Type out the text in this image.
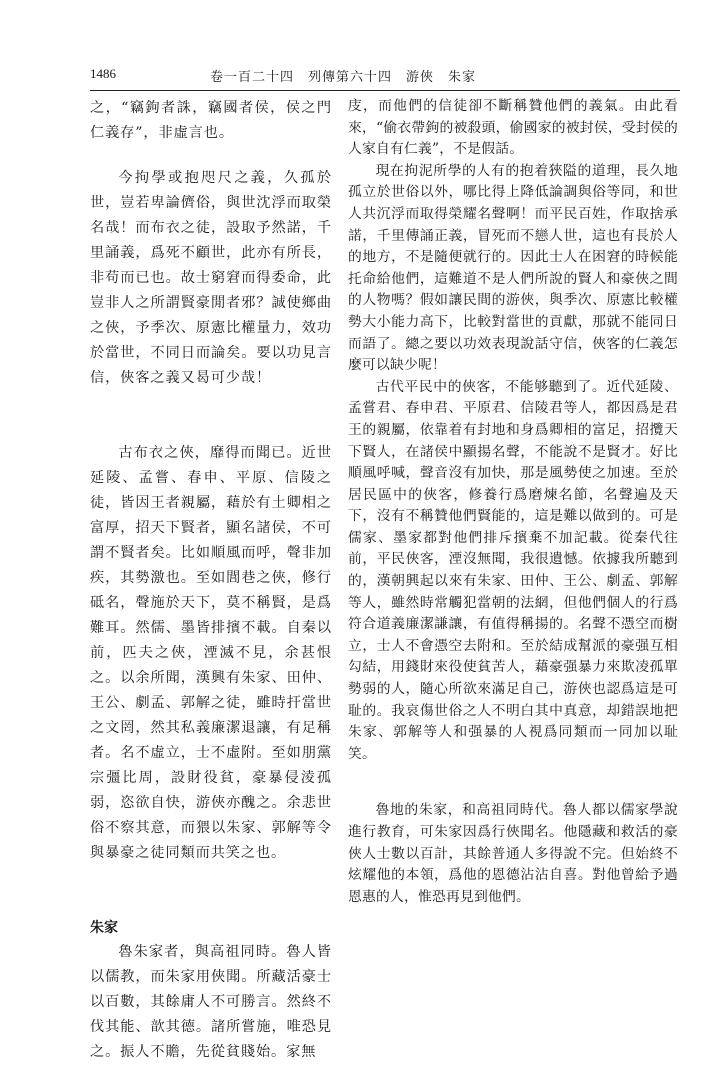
1486	卷一百二十四　列傳第六十四　游俠　朱家

之，“竊鉤者誅，竊國者侯，侯之門仁義存”，非虛言也。

今拘學或抱咫尺之義，久孤於世，豈若卑論儕俗，與世沈浮而取榮名哉！而布衣之徒，設取予然諾，千里誦義，爲死不顧世，此亦有所長，非苟而已也。故士窮窘而得委命，此豈非人之所謂賢豪閒者邪？誠使鄉曲之俠，予季次、原憲比權量力，效功於當世，不同日而論矣。要以功見言信，俠客之義又曷可少哉！

古布衣之俠，靡得而聞已。近世延陵、孟嘗、春申、平原、信陵之徒，皆因王者親屬，藉於有土卿相之富厚，招天下賢者，顯名諸侯，不可謂不賢者矣。比如順風而呼，聲非加疾，其勢激也。至如閭巷之俠，修行砥名，聲施於天下，莫不稱賢，是爲難耳。然儒、墨皆排擯不載。自秦以前，匹夫之俠，湮滅不見，余甚恨之。以余所聞，漢興有朱家、田仲、王公、劇孟、郭解之徒，雖時扞當世之文罔，然其私義廉潔退讓，有足稱者。名不虛立，士不虛附。至如朋黨宗彊比周，設財役貧，豪暴侵淩孤弱，恣欲自快，游俠亦醜之。余悲世俗不察其意，而猥以朱家、郭解等令與暴豪之徒同類而共笑之也。

朱家

魯朱家者，與高祖同時。魯人皆以儒教，而朱家用俠聞。所藏活豪士以百數，其餘庸人不可勝言。然終不伐其能、歆其德。諸所嘗施，唯恐見之。振人不贍，先從貧賤始。家無

庋，而他們的信徒卻不斷稱贊他們的義氣。由此看來，“偷衣帶鉤的被殺頭，偷國家的被封侯，受封侯的人家自有仁義”，不是假話。

現在拘泥所學的人有的抱着狹隘的道理，長久地孤立於世俗以外，哪比得上降低論調與俗等同，和世人共沉浮而取得榮耀名聲啊！而平民百姓，作取捨承諾，千里傳誦正義，冒死而不戀人世，這也有長於人的地方，不是隨便就行的。因此士人在困窘的時候能托命給他們，這難道不是人們所說的賢人和豪俠之間的人物嗎？假如讓民間的游俠，與季次、原憲比較權勢大小能力高下，比較對當世的貢獻，那就不能同日而語了。總之要以功效表現說話守信，俠客的仁義怎麼可以缺少呢！

古代平民中的俠客，不能够聽到了。近代延陵、孟嘗君、春申君、平原君、信陵君等人，都因爲是君王的親屬，依靠着有封地和身爲卿相的富足，招攬天下賢人，在諸侯中顯揚名聲，不能說不是賢才。好比順風呼喊，聲音沒有加快，那是風勢使之加速。至於居民區中的俠客，修養行爲磨煉名節，名聲遍及天下，沒有不稱贊他們賢能的，這是難以做到的。可是儒家、墨家都對他們排斥擯棄不加記載。從秦代往前，平民俠客，湮沒無聞，我很遺憾。依據我所聽到的，漢朝興起以來有朱家、田仲、王公、劇孟、郭解等人，雖然時常觸犯當朝的法網，但他們個人的行爲符合道義廉潔謙讓，有值得稱揚的。名聲不憑空而樹立，士人不會憑空去附和。至於結成幫派的豪强互相勾結，用錢財來役使貧苦人，藉豪强暴力來欺凌孤單勢弱的人，隨心所欲來滿足自己，游俠也認爲這是可耻的。我哀傷世俗之人不明白其中真意，却錯誤地把朱家、郭解等人和强暴的人視爲同類而一同加以耻笑。

魯地的朱家，和高祖同時代。魯人都以儒家學說進行教育，可朱家因爲行俠聞名。他隱藏和救活的豪俠人士數以百計，其餘普通人多得說不完。但始終不炫耀他的本領，爲他的恩德沾沾自喜。對他曾給予過恩惠的人，惟恐再見到他們。
